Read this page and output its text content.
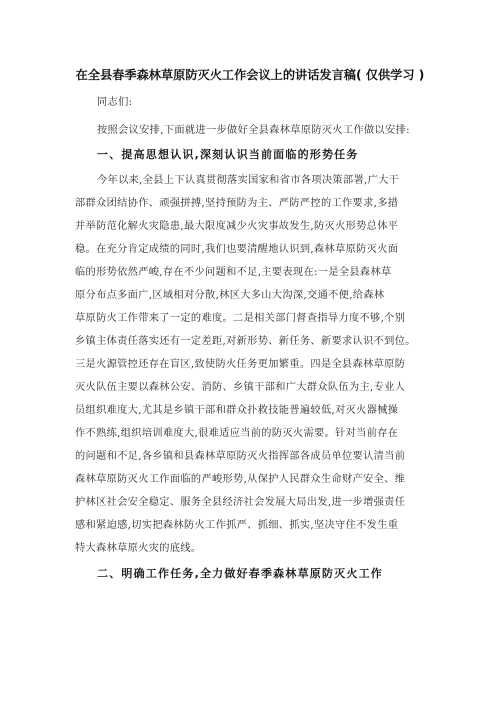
在全县春季森林草原防灭火工作会议上的讲话发言稿( 仅供学习 )
同志们:
按照会议安排,下面就进一步做好全县森林草原防灭火工作做以安排:
一、提高思想认识,深刻认识当前面临的形势任务
今年以来,全县上下认真贯彻落实国家和省市各项决策部署,广大干
部群众团结协作、顽强拼搏,坚持预防为主、严防严控的工作要求,多措
并举防范化解火灾隐患,最大限度减少火灾事故发生,防灭火形势总体平
稳。在充分肯定成绩的同时,我们也要清醒地认识到,森林草原防灭火面
临的形势依然严峻,存在不少问题和不足,主要表现在:一是全县森林草
原分布点多面广,区域相对分散,林区大多山大沟深,交通不便,给森林
草原防火工作带来了一定的难度。二是相关部门督查指导力度不够,个别
乡镇主体责任落实还有一定差距,对新形势、新任务、新要求认识不到位。
三是火源管控还存在盲区,致使防火任务更加繁重。四是全县森林草原防
灭火队伍主要以森林公安、消防、乡镇干部和广大群众队伍为主,专业人
员组织难度大,尤其是乡镇干部和群众扑救技能普遍较低,对灭火器械操
作不熟练,组织培训难度大,很难适应当前的防灭火需要。针对当前存在
的问题和不足,各乡镇和县森林草原防灭火指挥部各成员单位要认清当前
森林草原防灭火工作面临的严峻形势,从保护人民群众生命财产安全、维
护林区社会安全稳定、服务全县经济社会发展大局出发,进一步增强责任
感和紧迫感,切实把森林防火工作抓严、抓细、抓实,坚决守住不发生重
特大森林草原火灾的底线。
二、明确工作任务,全力做好春季森林草原防灭火工作
